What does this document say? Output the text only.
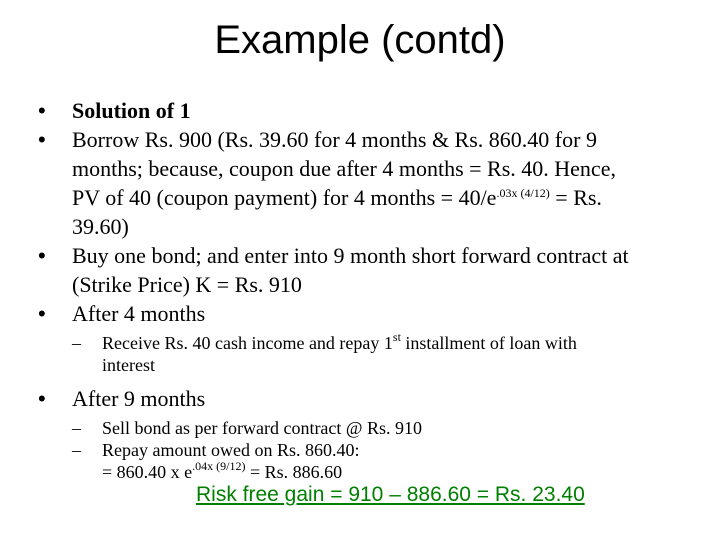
Example (contd)
• Solution of 1
• Borrow Rs. 900 (Rs. 39.60 for 4 months & Rs. 860.40 for 9
months; because, coupon due after 4 months = Rs. 40. Hence,
PV of 40 (coupon payment) for 4 months = $40/e^{.03x (4/12)} = Rs$.
39.60)
• Buy one bond; and enter into 9 month short forward contract at
(Strike Price) K = Rs. 910
• After 4 months
– Receive Rs. 40 cash income and repay 1st installment of loan with
interest
• After 9 months
– Sell bond as per forward contract @ Rs. 910
– Repay amount owed on Rs. 860.40:
= 860.40 x $e^{.04x (9/12)} = Rs$. 886.60
Risk free gain = 910 – 886.60 = Rs. 23.40
